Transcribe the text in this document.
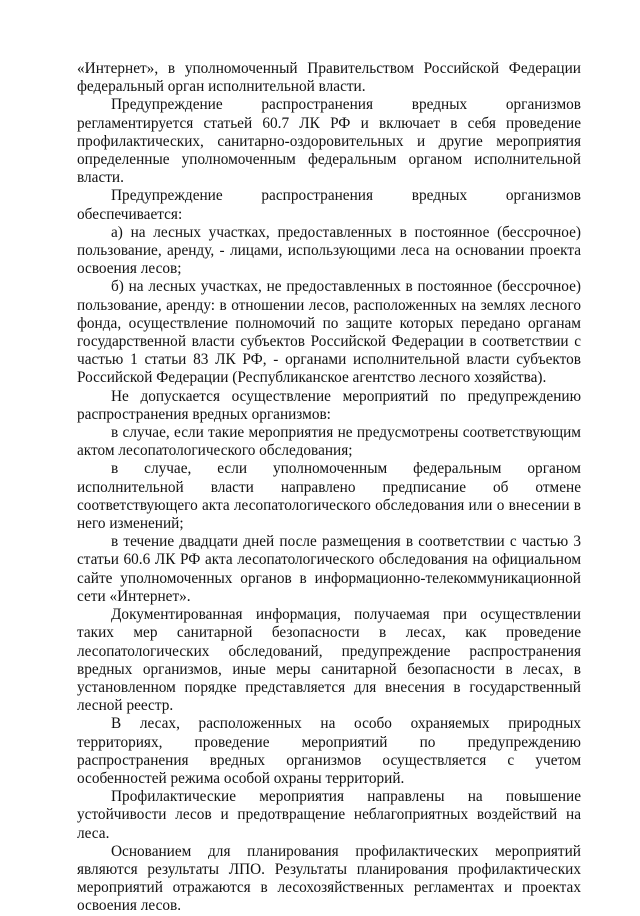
«Интернет», в уполномоченный Правительством Российской Федерации федеральный орган исполнительной власти.

Предупреждение распространения вредных организмов регламентируется статьей 60.7 ЛК РФ и включает в себя проведение профилактических, санитарно-оздоровительных и другие мероприятия определенные уполномоченным федеральным органом исполнительной власти.

Предупреждение распространения вредных организмов обеспечивается:

а) на лесных участках, предоставленных в постоянное (бессрочное) пользование, аренду, - лицами, использующими леса на основании проекта освоения лесов;

б) на лесных участках, не предоставленных в постоянное (бессрочное) пользование, аренду: в отношении лесов, расположенных на землях лесного фонда, осуществление полномочий по защите которых передано органам государственной власти субъектов Российской Федерации в соответствии с частью 1 статьи 83 ЛК РФ, - органами исполнительной власти субъектов Российской Федерации (Республиканское агентство лесного хозяйства).

Не допускается осуществление мероприятий по предупреждению распространения вредных организмов:

в случае, если такие мероприятия не предусмотрены соответствующим актом лесопатологического обследования;

в случае, если уполномоченным федеральным органом исполнительной власти направлено предписание об отмене соответствующего акта лесопатологического обследования или о внесении в него изменений;

в течение двадцати дней после размещения в соответствии с частью 3 статьи 60.6 ЛК РФ акта лесопатологического обследования на официальном сайте уполномоченных органов в информационно-телекоммуникационной сети «Интернет».

Документированная информация, получаемая при осуществлении таких мер санитарной безопасности в лесах, как проведение лесопатологических обследований, предупреждение распространения вредных организмов, иные меры санитарной безопасности в лесах, в установленном порядке представляется для внесения в государственный лесной реестр.

В лесах, расположенных на особо охраняемых природных территориях, проведение мероприятий по предупреждению распространения вредных организмов осуществляется с учетом особенностей режима особой охраны территорий.

Профилактические мероприятия направлены на повышение устойчивости лесов и предотвращение неблагоприятных воздействий на леса.

Основанием для планирования профилактических мероприятий являются результаты ЛПО. Результаты планирования профилактических мероприятий отражаются в лесохозяйственных регламентах и проектах освоения лесов.
